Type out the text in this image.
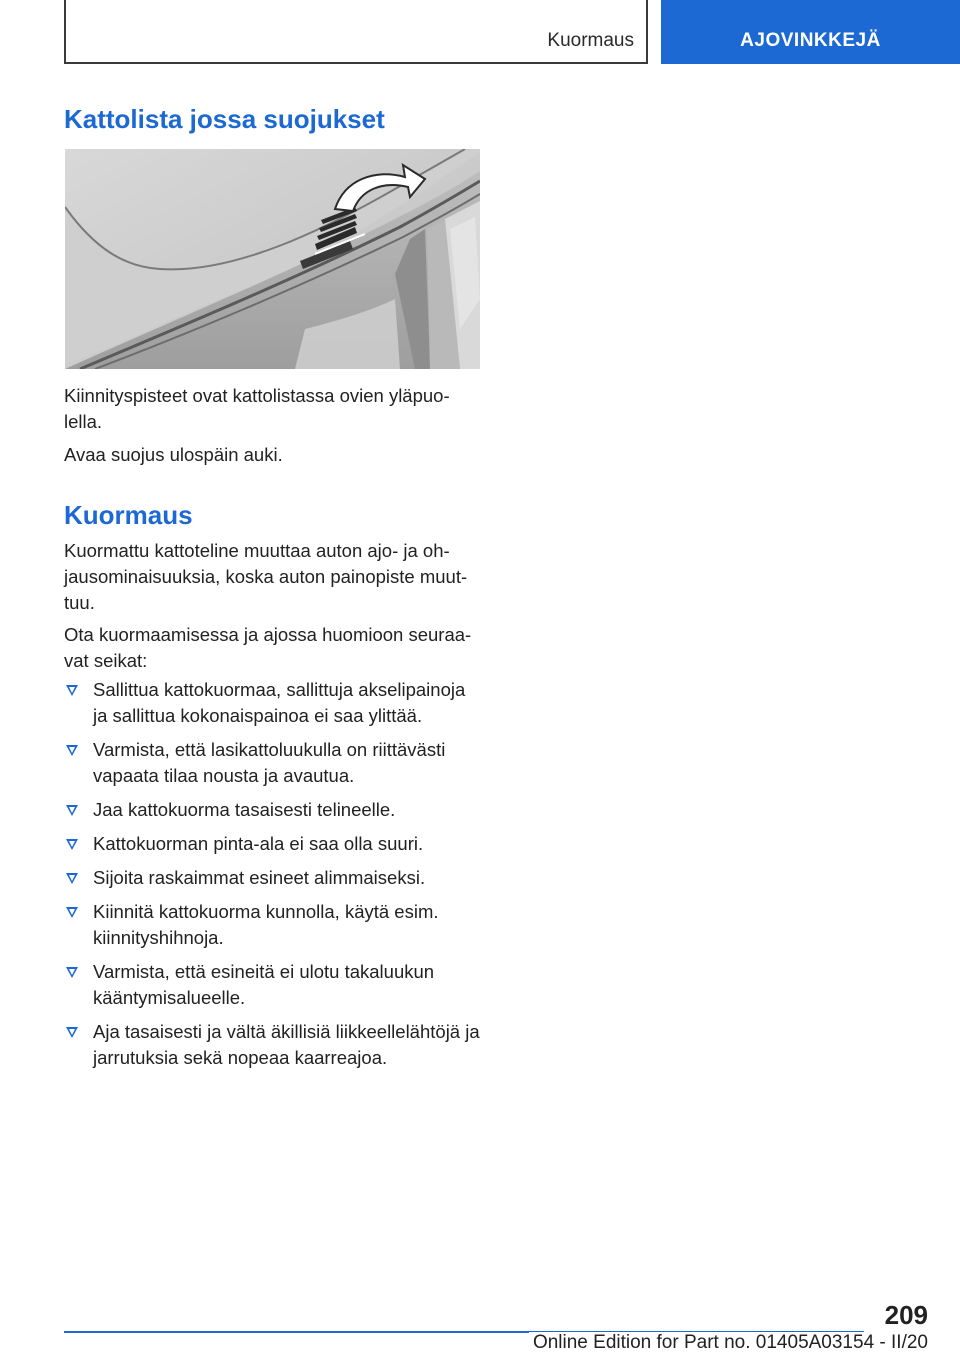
Kuormaus	AJOVINKKEJÄ
Kattolista jossa suojukset

Kiinnityspisteet ovat kattolistassa ovien yläpuo-lella.

Avaa suojus ulospäin auki.

Kuormaus

Kuormattu kattoteline muuttaa auton ajo- ja oh-jausominaisuuksia, koska auton painopiste muut-tuu.

Ota kuormaamisessa ja ajossa huomioon seuraa-vat seikat:

Sallittua kattokuormaa, sallittuja akselipainoja ja sallittua kokonaispainoa ei saa ylittää.
Varmista, että lasikattoluukulla on riittävästi vapaata tilaa nousta ja avautua.
Jaa kattokuorma tasaisesti telineelle.
Kattokuorman pinta-ala ei saa olla suuri.
Sijoita raskaimmat esineet alimmaiseksi.
Kiinnitä kattokuorma kunnolla, käytä esim. kiinnityshihnoja.
Varmista, että esineitä ei ulotu takaluukun kääntymisalueelle.
Aja tasaisesti ja vältä äkillisiä liikkeellelähtöjä ja jarrutuksia sekä nopeaa kaarreajoa.
209
Online Edition for Part no. 01405A03154 - II/20
